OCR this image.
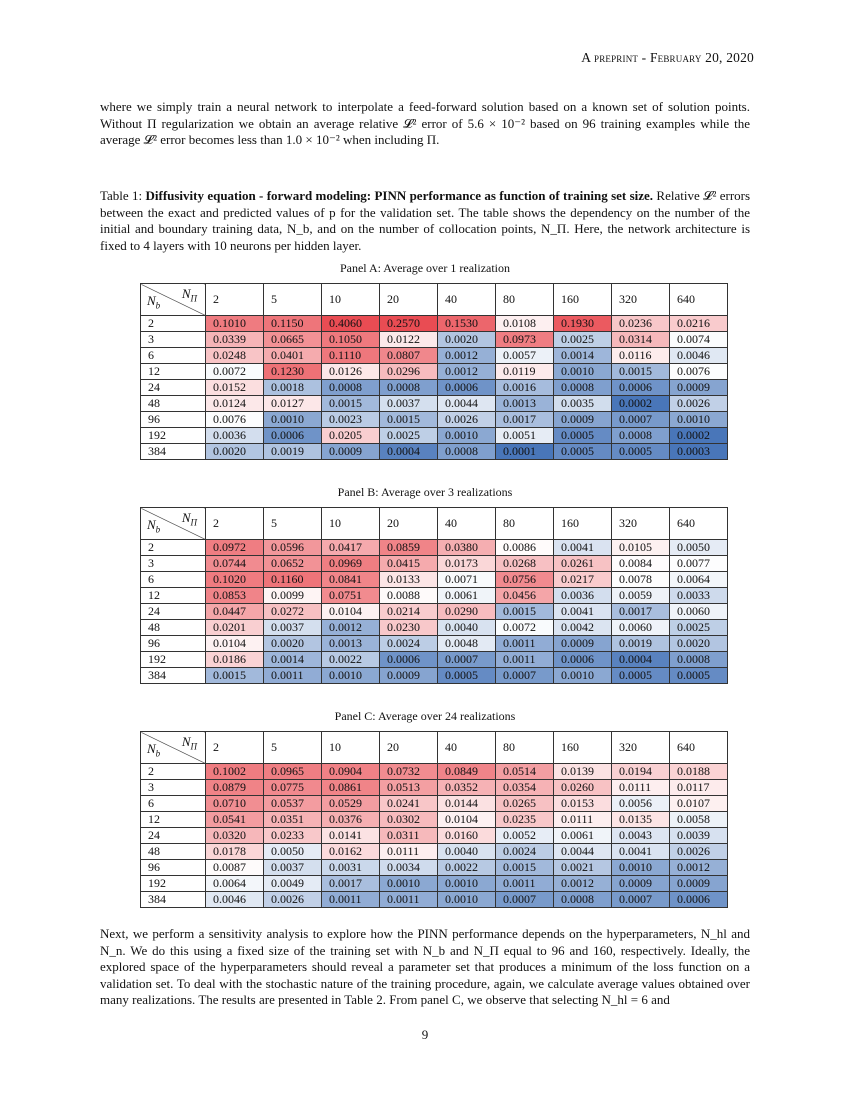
A preprint - February 20, 2020
where we simply train a neural network to interpolate a feed-forward solution based on a known set of solution points. Without Π regularization we obtain an average relative 𝓛² error of 5.6 × 10⁻² based on 96 training examples while the average 𝓛² error becomes less than 1.0 × 10⁻² when including Π.
Table 1: Diffusivity equation - forward modeling: PINN performance as function of training set size. Relative 𝓛² errors between the exact and predicted values of p for the validation set. The table shows the dependency on the number of the initial and boundary training data, N_b, and on the number of collocation points, N_Π. Here, the network architecture is fixed to 4 layers with 10 neurons per hidden layer.
Panel A: Average over 1 realization
$N_\Pi$
$N_b$	2	5	10	20	40	80	160	320	640
2	0.1010	0.1150	0.4060	0.2570	0.1530	0.0108	0.1930	0.0236	0.0216
3	0.0339	0.0665	0.1050	0.0122	0.0020	0.0973	0.0025	0.0314	0.0074
6	0.0248	0.0401	0.1110	0.0807	0.0012	0.0057	0.0014	0.0116	0.0046
12	0.0072	0.1230	0.0126	0.0296	0.0012	0.0119	0.0010	0.0015	0.0076
24	0.0152	0.0018	0.0008	0.0008	0.0006	0.0016	0.0008	0.0006	0.0009
48	0.0124	0.0127	0.0015	0.0037	0.0044	0.0013	0.0035	0.0002	0.0026
96	0.0076	0.0010	0.0023	0.0015	0.0026	0.0017	0.0009	0.0007	0.0010
192	0.0036	0.0006	0.0205	0.0025	0.0010	0.0051	0.0005	0.0008	0.0002
384	0.0020	0.0019	0.0009	0.0004	0.0008	0.0001	0.0005	0.0005	0.0003
Panel B: Average over 3 realizations
$N_\Pi$
$N_b$	2	5	10	20	40	80	160	320	640
2	0.0972	0.0596	0.0417	0.0859	0.0380	0.0086	0.0041	0.0105	0.0050
3	0.0744	0.0652	0.0969	0.0415	0.0173	0.0268	0.0261	0.0084	0.0077
6	0.1020	0.1160	0.0841	0.0133	0.0071	0.0756	0.0217	0.0078	0.0064
12	0.0853	0.0099	0.0751	0.0088	0.0061	0.0456	0.0036	0.0059	0.0033
24	0.0447	0.0272	0.0104	0.0214	0.0290	0.0015	0.0041	0.0017	0.0060
48	0.0201	0.0037	0.0012	0.0230	0.0040	0.0072	0.0042	0.0060	0.0025
96	0.0104	0.0020	0.0013	0.0024	0.0048	0.0011	0.0009	0.0019	0.0020
192	0.0186	0.0014	0.0022	0.0006	0.0007	0.0011	0.0006	0.0004	0.0008
384	0.0015	0.0011	0.0010	0.0009	0.0005	0.0007	0.0010	0.0005	0.0005
Panel C: Average over 24 realizations
$N_\Pi$
$N_b$	2	5	10	20	40	80	160	320	640
2	0.1002	0.0965	0.0904	0.0732	0.0849	0.0514	0.0139	0.0194	0.0188
3	0.0879	0.0775	0.0861	0.0513	0.0352	0.0354	0.0260	0.0111	0.0117
6	0.0710	0.0537	0.0529	0.0241	0.0144	0.0265	0.0153	0.0056	0.0107
12	0.0541	0.0351	0.0376	0.0302	0.0104	0.0235	0.0111	0.0135	0.0058
24	0.0320	0.0233	0.0141	0.0311	0.0160	0.0052	0.0061	0.0043	0.0039
48	0.0178	0.0050	0.0162	0.0111	0.0040	0.0024	0.0044	0.0041	0.0026
96	0.0087	0.0037	0.0031	0.0034	0.0022	0.0015	0.0021	0.0010	0.0012
192	0.0064	0.0049	0.0017	0.0010	0.0010	0.0011	0.0012	0.0009	0.0009
384	0.0046	0.0026	0.0011	0.0011	0.0010	0.0007	0.0008	0.0007	0.0006
Next, we perform a sensitivity analysis to explore how the PINN performance depends on the hyperparameters, N_hl and N_n. We do this using a fixed size of the training set with N_b and N_Π equal to 96 and 160, respectively. Ideally, the explored space of the hyperparameters should reveal a parameter set that produces a minimum of the loss function on a validation set. To deal with the stochastic nature of the training procedure, again, we calculate average values obtained over many realizations. The results are presented in Table 2. From panel C, we observe that selecting N_hl = 6 and
9
